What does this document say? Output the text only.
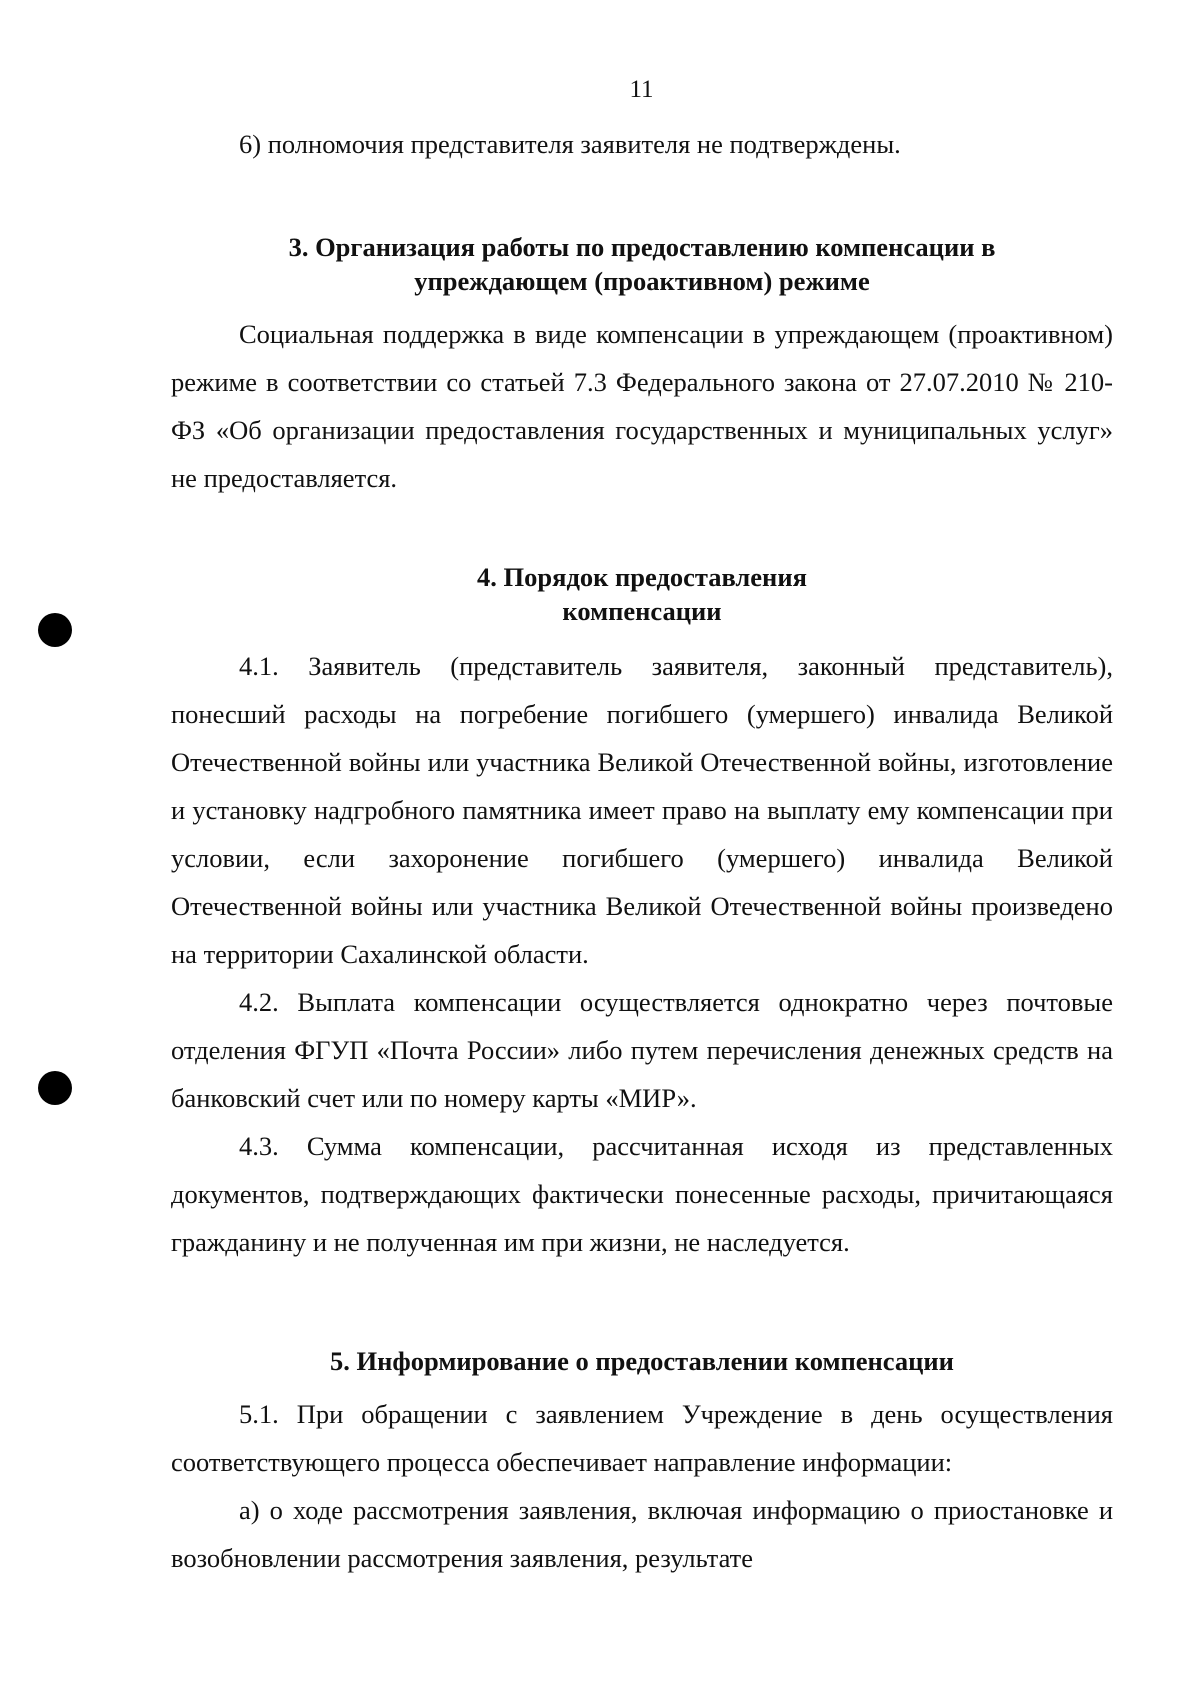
11

6) полномочия представителя заявителя не подтверждены.

3. Организация работы по предоставлению компенсации в
упреждающем (проактивном) режиме

Социальная поддержка в виде компенсации в упреждающем (проактивном) режиме в соответствии со статьей 7.3 Федерального закона от 27.07.2010 № 210-ФЗ «Об организации предоставления государственных и муниципальных услуг» не предоставляется.

4. Порядок предоставления
компенсации

4.1. Заявитель (представитель заявителя, законный представитель), понесший расходы на погребение погибшего (умершего) инвалида Великой Отечественной войны или участника Великой Отечественной войны, изготовление и установку надгробного памятника имеет право на выплату ему компенсации при условии, если захоронение погибшего (умершего) инвалида Великой Отечественной войны или участника Великой Отечественной войны произведено на территории Сахалинской области.

4.2. Выплата компенсации осуществляется однократно через почтовые отделения ФГУП «Почта России» либо путем перечисления денежных средств на банковский счет или по номеру карты «МИР».

4.3. Сумма компенсации, рассчитанная исходя из представленных документов, подтверждающих фактически понесенные расходы, причитающаяся гражданину и не полученная им при жизни, не наследуется.

5. Информирование о предоставлении компенсации

5.1. При обращении с заявлением Учреждение в день осуществления соответствующего процесса обеспечивает направление информации:

а) о ходе рассмотрения заявления, включая информацию о приостановке и возобновлении рассмотрения заявления, результате
